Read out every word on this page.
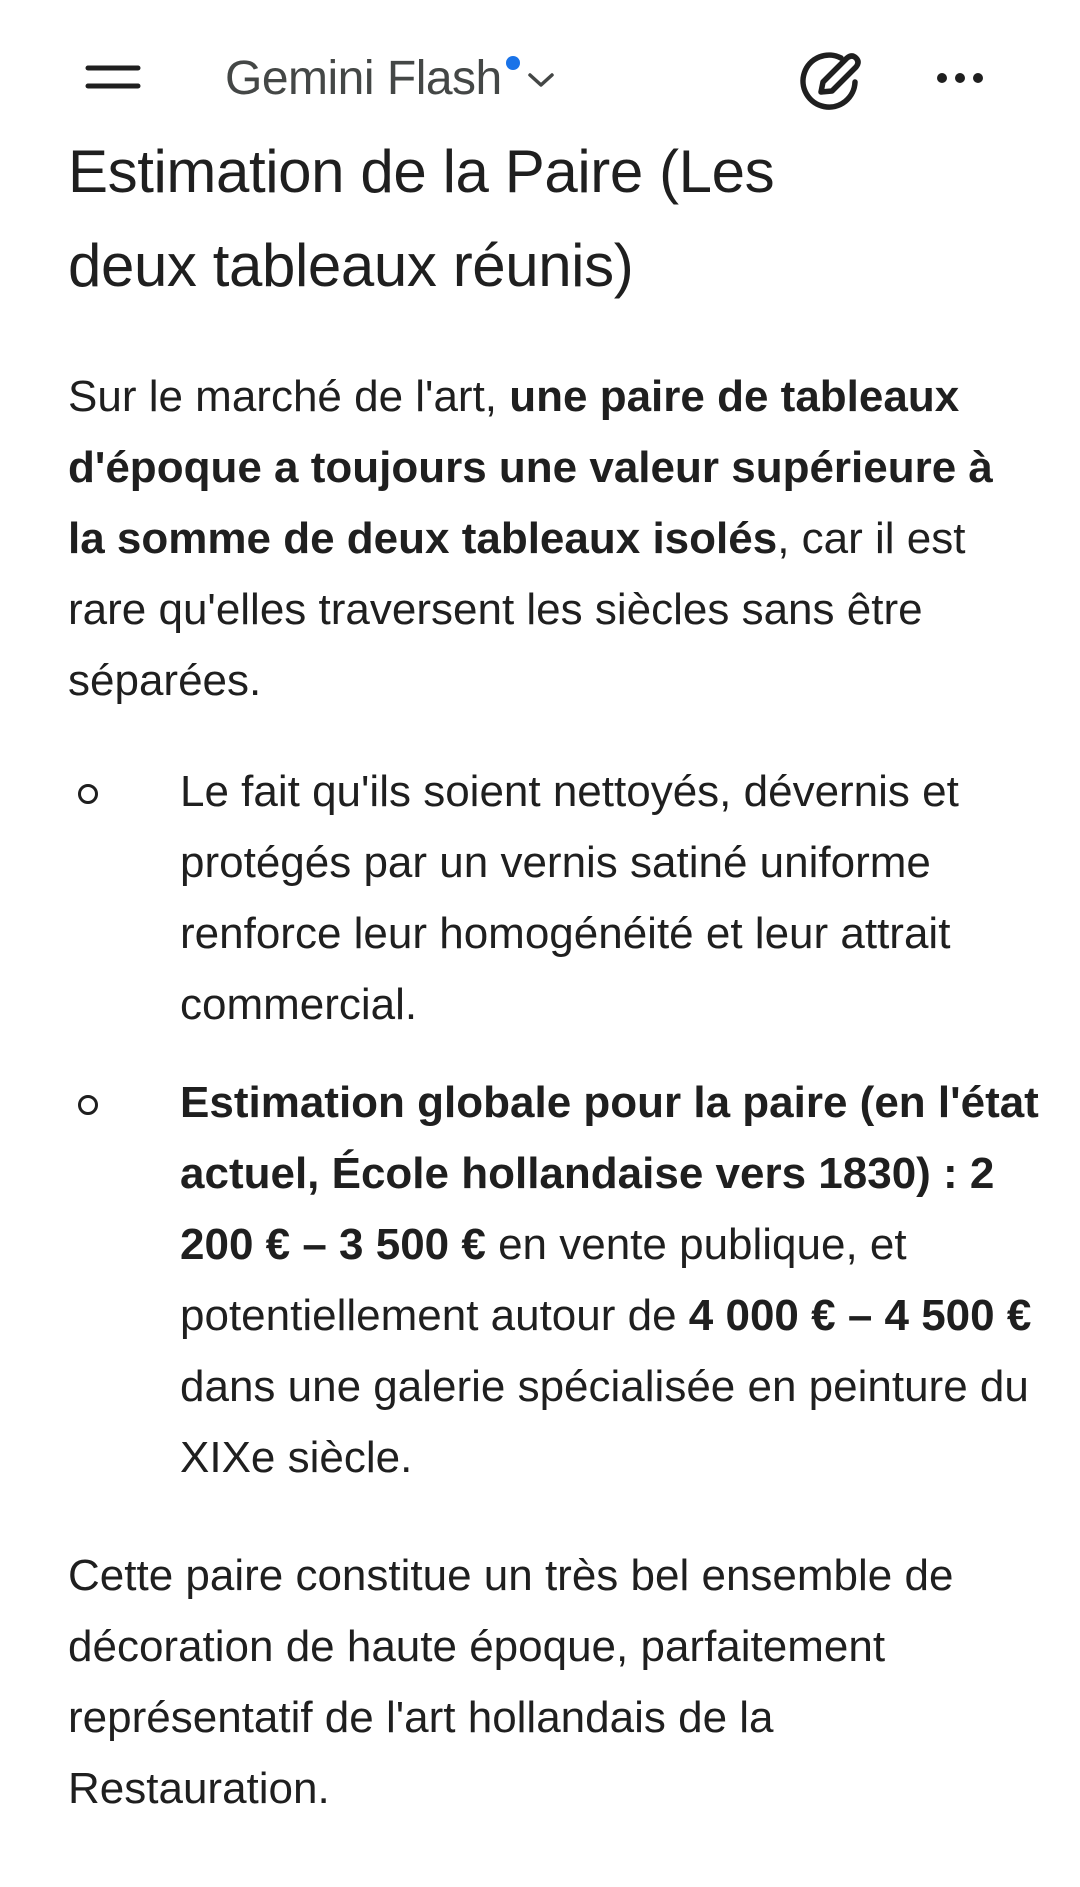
Gemini Flash
Estimation de la Paire (Les
deux tableaux réunis)

Sur le marché de l'art, une paire de tableaux d'époque a toujours une valeur supérieure à la somme de deux tableaux isolés, car il est rare qu'elles traversent les siècles sans être séparées.

Le fait qu'ils soient nettoyés, dévernis et protégés par un vernis satiné uniforme renforce leur homogénéité et leur attrait commercial.
Estimation globale pour la paire (en l'état actuel, École hollandaise vers 1830) : 2 200 € – 3 500 € en vente publique, et potentiellement autour de 4 000 € – 4 500 € dans une galerie spécialisée en peinture du XIXe siècle.

Cette paire constitue un très bel ensemble de décoration de haute époque, parfaitement représentatif de l'art hollandais de la Restauration.
